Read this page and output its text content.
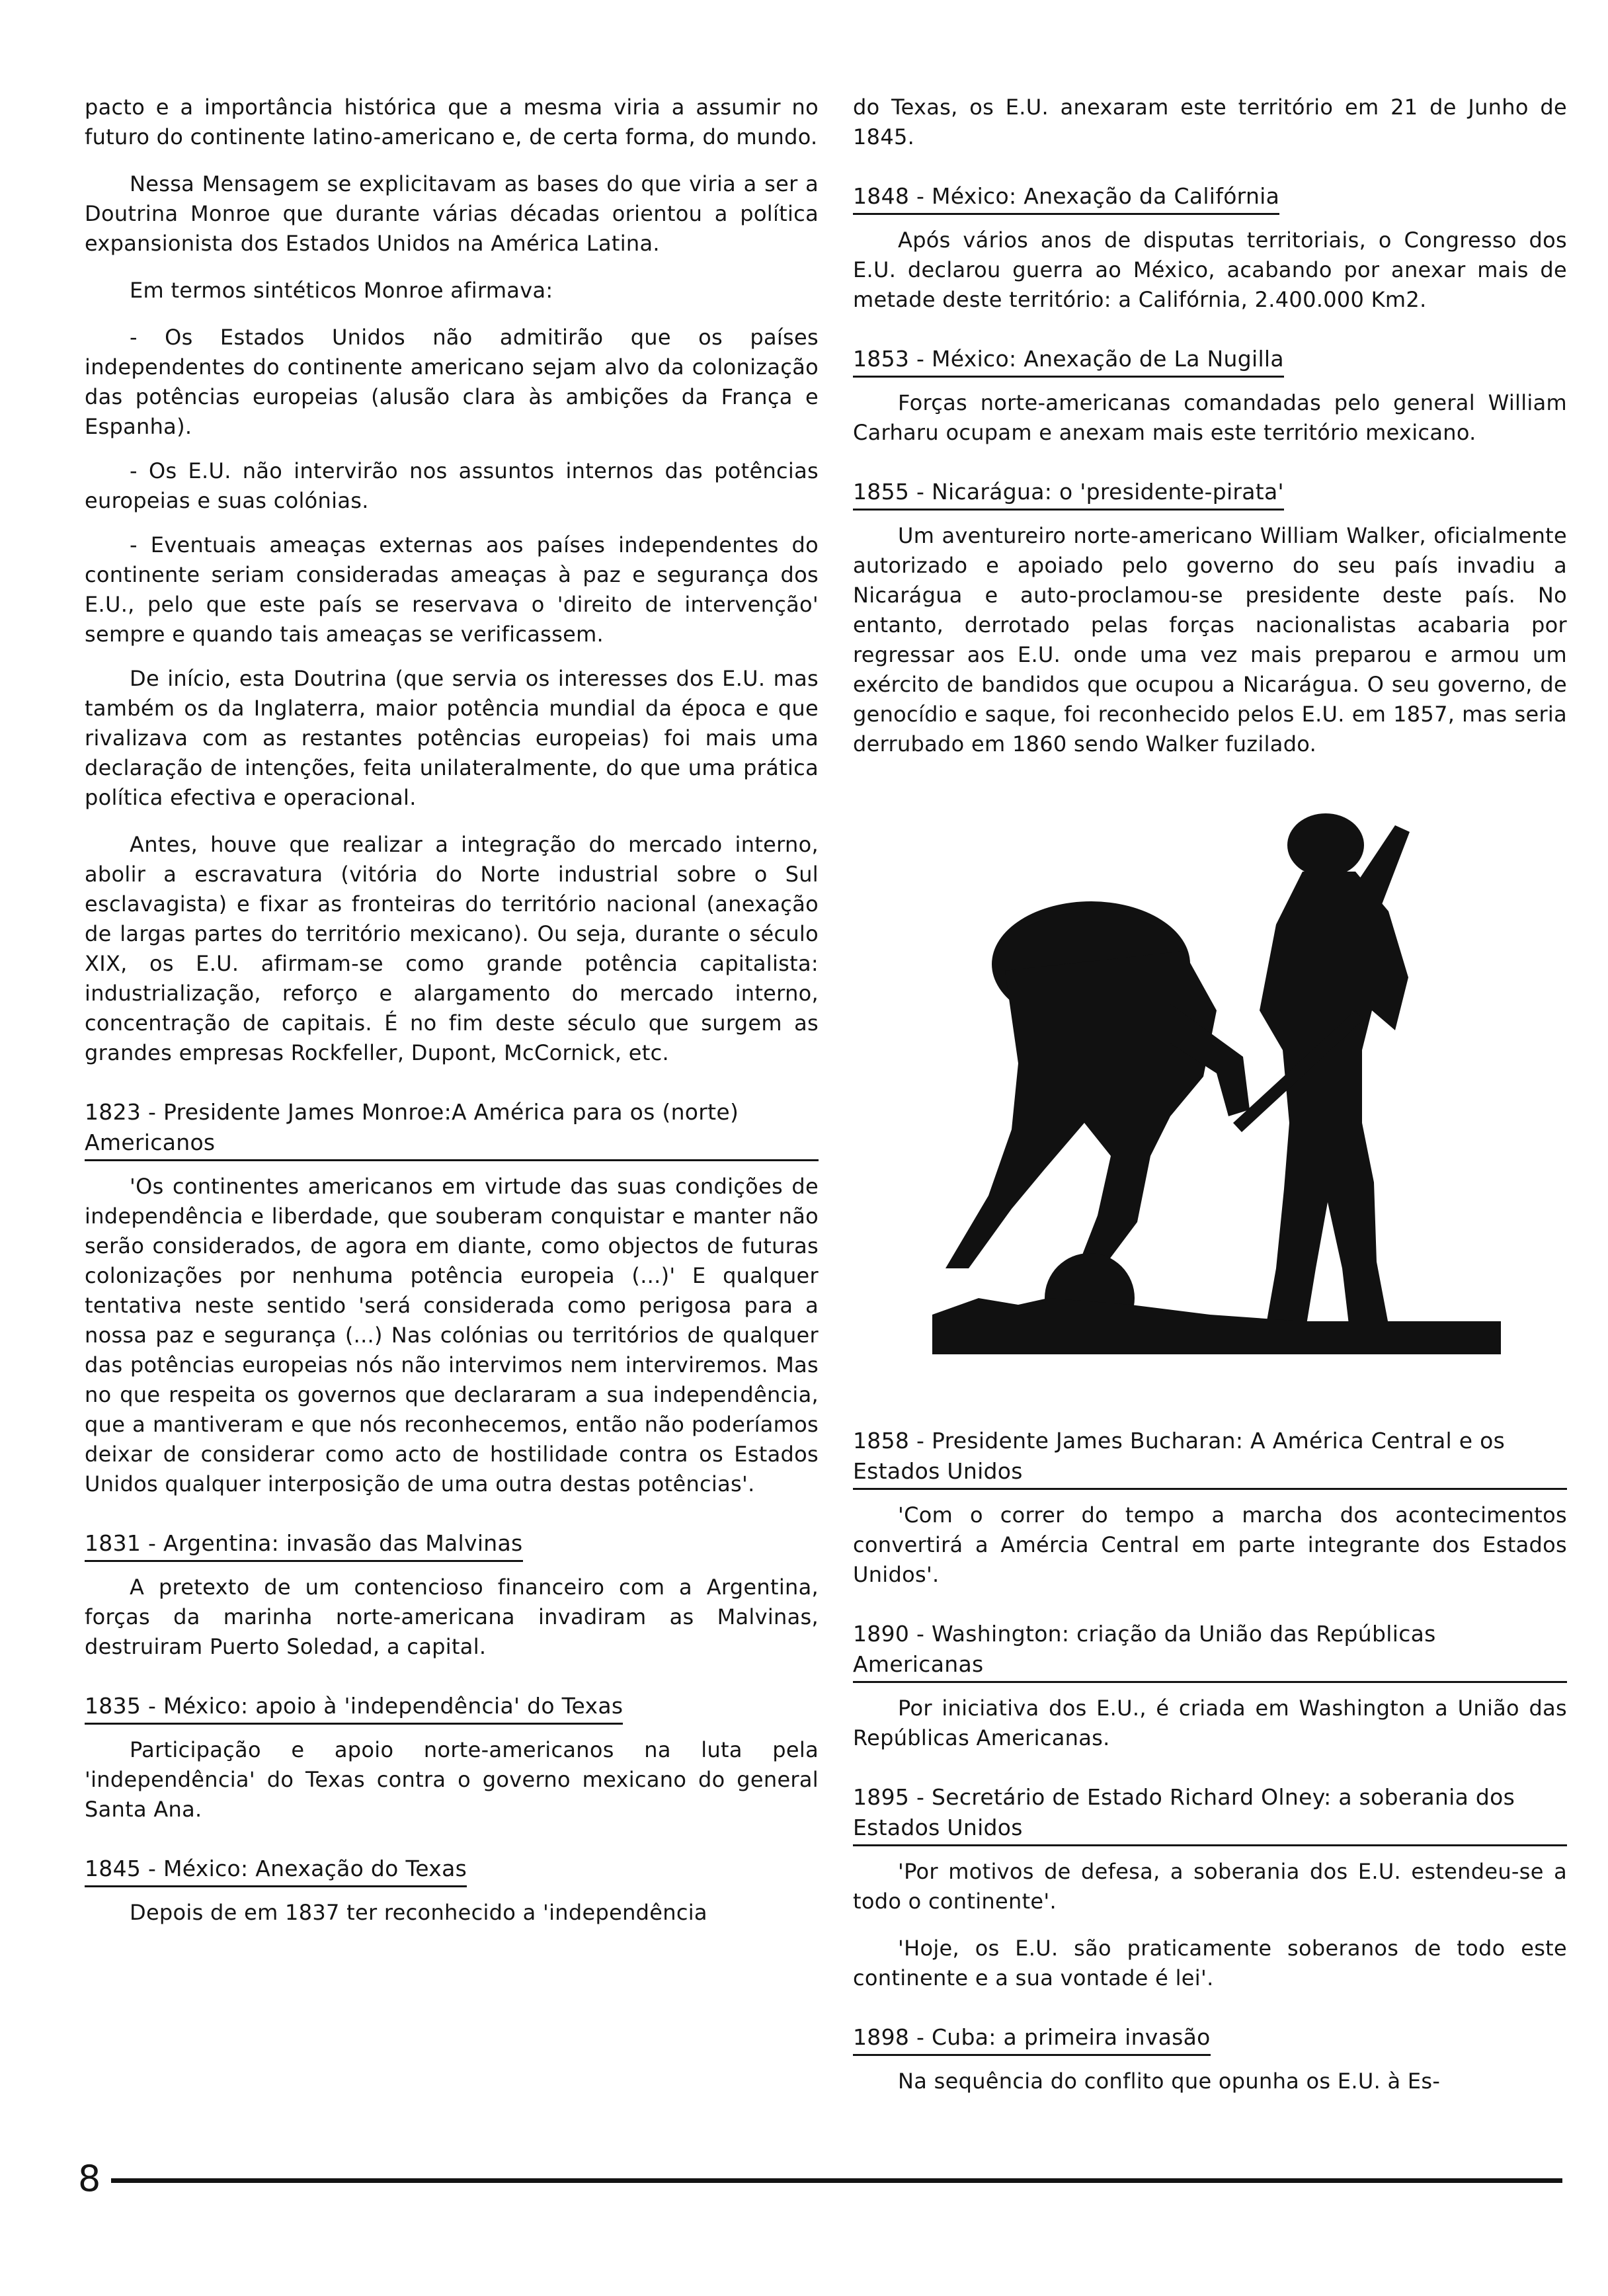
pacto e a importância histórica que a mesma viria a assumir no futuro do continente latino-americano e, de certa forma, do mundo.

Nessa Mensagem se explicitavam as bases do que viria a ser a Doutrina Monroe que durante várias décadas orientou a política expansionista dos Estados Unidos na América Latina.

Em termos sintéticos Monroe afirmava:

- Os Estados Unidos não admitirão que os países independentes do continente americano sejam alvo da colonização das potências europeias (alusão clara às ambições da França e Espanha).

- Os E.U. não intervirão nos assuntos internos das potências europeias e suas colónias.

- Eventuais ameaças externas aos países independentes do continente seriam consideradas ameaças à paz e segurança dos E.U., pelo que este país se reservava o 'direito de intervenção' sempre e quando tais ameaças se verificassem.

De início, esta Doutrina (que servia os interesses dos E.U. mas também os da Inglaterra, maior potência mundial da época e que rivalizava com as restantes potências europeias) foi mais uma declaração de intenções, feita unilateralmente, do que uma prática política efectiva e operacional.

Antes, houve que realizar a integração do mercado interno, abolir a escravatura (vitória do Norte industrial sobre o Sul esclavagista) e fixar as fronteiras do território nacional (anexação de largas partes do território mexicano). Ou seja, durante o século XIX, os E.U. afirmam-se como grande potência capitalista: industrialização, reforço e alargamento do mercado interno, concentração de capitais. É no fim deste século que surgem as grandes empresas Rockfeller, Dupont, McCornick, etc.

1823 - Presidente James Monroe:A América para os (norte) Americanos

'Os continentes americanos em virtude das suas condições de independência e liberdade, que souberam conquistar e manter não serão considerados, de agora em diante, como objectos de futuras colonizações por nenhuma potência europeia (...)' E qualquer tentativa neste sentido 'será considerada como perigosa para a nossa paz e segurança (...) Nas colónias ou territórios de qualquer das potências europeias nós não intervimos nem interviremos. Mas no que respeita os governos que declararam a sua independência, que a mantiveram e que nós reconhecemos, então não poderíamos deixar de considerar como acto de hostilidade contra os Estados Unidos qualquer interposição de uma outra destas potências'.

1831 - Argentina: invasão das Malvinas

A pretexto de um contencioso financeiro com a Argentina, forças da marinha norte-americana invadiram as Malvinas, destruiram Puerto Soledad, a capital.

1835 - México: apoio à 'independência' do Texas

Participação e apoio norte-americanos na luta pela 'independência' do Texas contra o governo mexicano do general Santa Ana.

1845 - México: Anexação do Texas

Depois de em 1837 ter reconhecido a 'independência

do Texas, os E.U. anexaram este território em 21 de Junho de 1845.

1848 - México: Anexação da Califórnia

Após vários anos de disputas territoriais, o Congresso dos E.U. declarou guerra ao México, acabando por anexar mais de metade deste território: a Califórnia, 2.400.000 Km2.

1853 - México: Anexação de La Nugilla

Forças norte-americanas comandadas pelo general William Carharu ocupam e anexam mais este território mexicano.

1855 - Nicarágua: o 'presidente-pirata'

Um aventureiro norte-americano William Walker, oficialmente autorizado e apoiado pelo governo do seu país invadiu a Nicarágua e auto-proclamou-se presidente deste país. No entanto, derrotado pelas forças nacionalistas acabaria por regressar aos E.U. onde uma vez mais preparou e armou um exército de bandidos que ocupou a Nicarágua. O seu governo, de genocídio e saque, foi reconhecido pelos E.U. em 1857, mas seria derrubado em 1860 sendo Walker fuzilado.

1858 - Presidente James Bucharan: A América Central e os Estados Unidos

'Com o correr do tempo a marcha dos acontecimentos convertirá a Amércia Central em parte integrante dos Estados Unidos'.

1890 - Washington: criação da União das Repúblicas Americanas

Por iniciativa dos E.U., é criada em Washington a União das Repúblicas Americanas.

1895 - Secretário de Estado Richard Olney: a soberania dos Estados Unidos

'Por motivos de defesa, a soberania dos E.U. estendeu-se a todo o continente'.

'Hoje, os E.U. são praticamente soberanos de todo este continente e a sua vontade é lei'.

1898 - Cuba: a primeira invasão

Na sequência do conflito que opunha os E.U. à Es-

8
